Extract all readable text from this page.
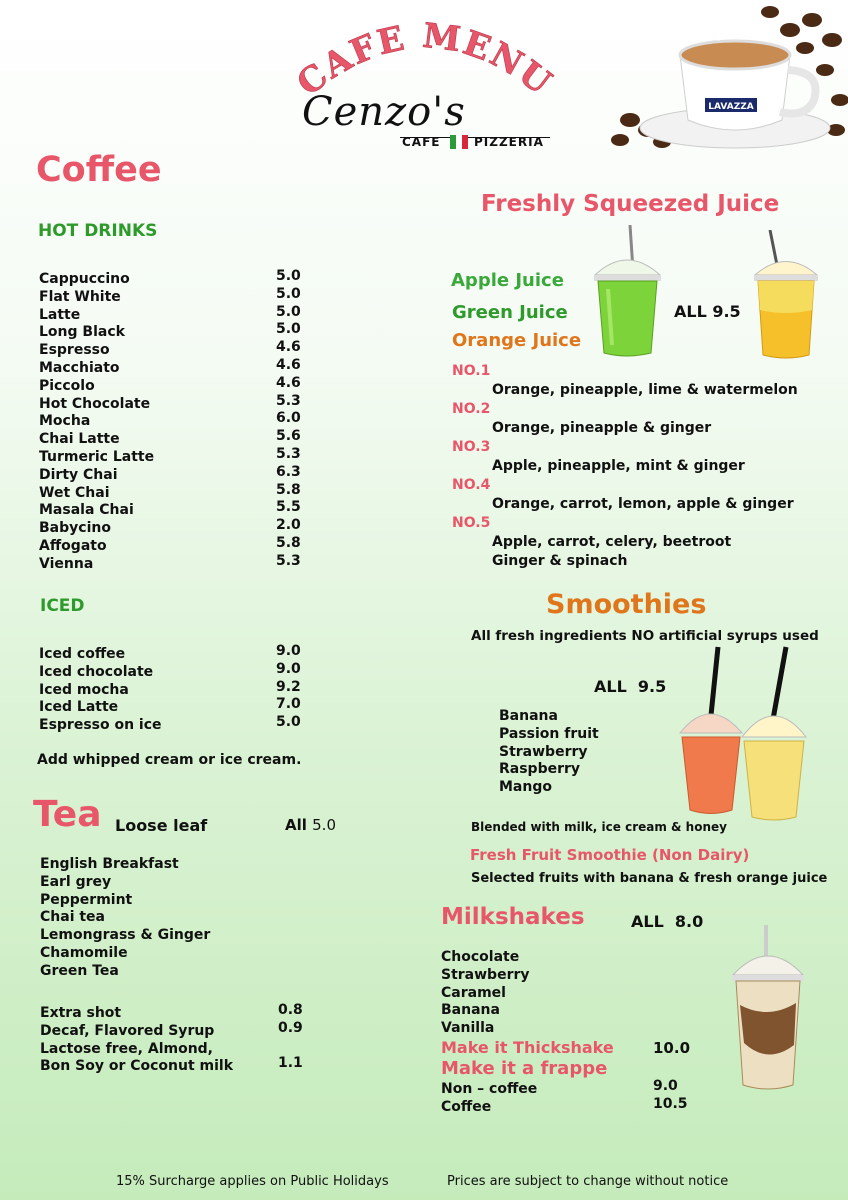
CAFE MENU
Cenzo's
CAFE	PIZZERIA
LAVAZZA
Coffee
HOT DRINKS
Cappuccino	5.0
Flat White	5.0
Latte	5.0
Long Black	5.0
Espresso	4.6
Macchiato	4.6
Piccolo	4.6
Hot Chocolate	5.3
Mocha	6.0
Chai Latte	5.6
Turmeric Latte	5.3
Dirty Chai	6.3
Wet Chai	5.8
Masala Chai	5.5
Babycino	2.0
Affogato	5.8
Vienna	5.3
ICED
Iced coffee	9.0
Iced chocolate	9.0
Iced mocha	9.2
Iced Latte	7.0
Espresso on ice	5.0
Add whipped cream or ice cream.
Tea Loose leaf	All 5.0
English Breakfast
Earl grey
Peppermint
Chai tea
Lemongrass & Ginger
Chamomile
Green Tea
Extra shot	0.8
Decaf, Flavored Syrup	0.9
Lactose free, Almond,
Bon Soy or Coconut milk	1.1
Freshly Squeezed Juice
Apple Juice
Green Juice
Orange Juice
ALL 9.5
NO.1
Orange, pineapple, lime & watermelon
NO.2
Orange, pineapple & ginger
NO.3
Apple, pineapple, mint & ginger
NO.4
Orange, carrot, lemon, apple & ginger
NO.5
Apple, carrot, celery, beetroot
Ginger & spinach
Smoothies
All fresh ingredients NO artificial syrups used
ALL  9.5
Banana
Passion fruit
Strawberry
Raspberry
Mango
Blended with milk, ice cream & honey
Fresh Fruit Smoothie (Non Dairy)
Selected fruits with banana & fresh orange juice
Milkshakes	ALL  8.0
Chocolate
Strawberry
Caramel
Banana
Vanilla
Make it Thickshake	10.0
Make it a frappe
Non – coffee	9.0
Coffee	10.5
15% Surcharge applies on Public Holidays	Prices are subject to change without notice
